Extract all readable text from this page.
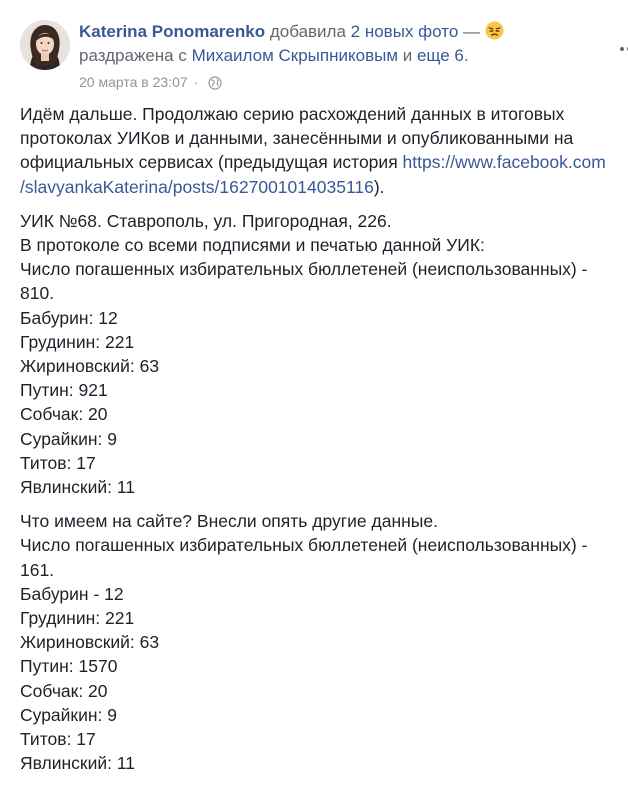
Katerina Ponomarenko добавила 2 новых фото —
раздражена с Михаилом Скрыпниковым и еще 6.
20 марта в 23:07 ·
Идём дальше. Продолжаю серию расхождений данных в итоговых
протоколах УИКов и данными, занесёнными и опубликованными на
официальных сервисах (предыдущая история https://www.facebook.com
/slavyankaKaterina/posts/1627001014035116).
УИК №68. Ставрополь, ул. Пригородная, 226.
В протоколе со всеми подписями и печатью данной УИК:
Число погашенных избирательных бюллетеней (неиспользованных) -
810.
Бабурин: 12
Грудинин: 221
Жириновский: 63
Путин: 921
Собчак: 20
Сурайкин: 9
Титов: 17
Явлинский: 11
Что имеем на сайте? Внесли опять другие данные.
Число погашенных избирательных бюллетеней (неиспользованных) -
161.
Бабурин - 12
Грудинин: 221
Жириновский: 63
Путин: 1570
Собчак: 20
Сурайкин: 9
Титов: 17
Явлинский: 11
